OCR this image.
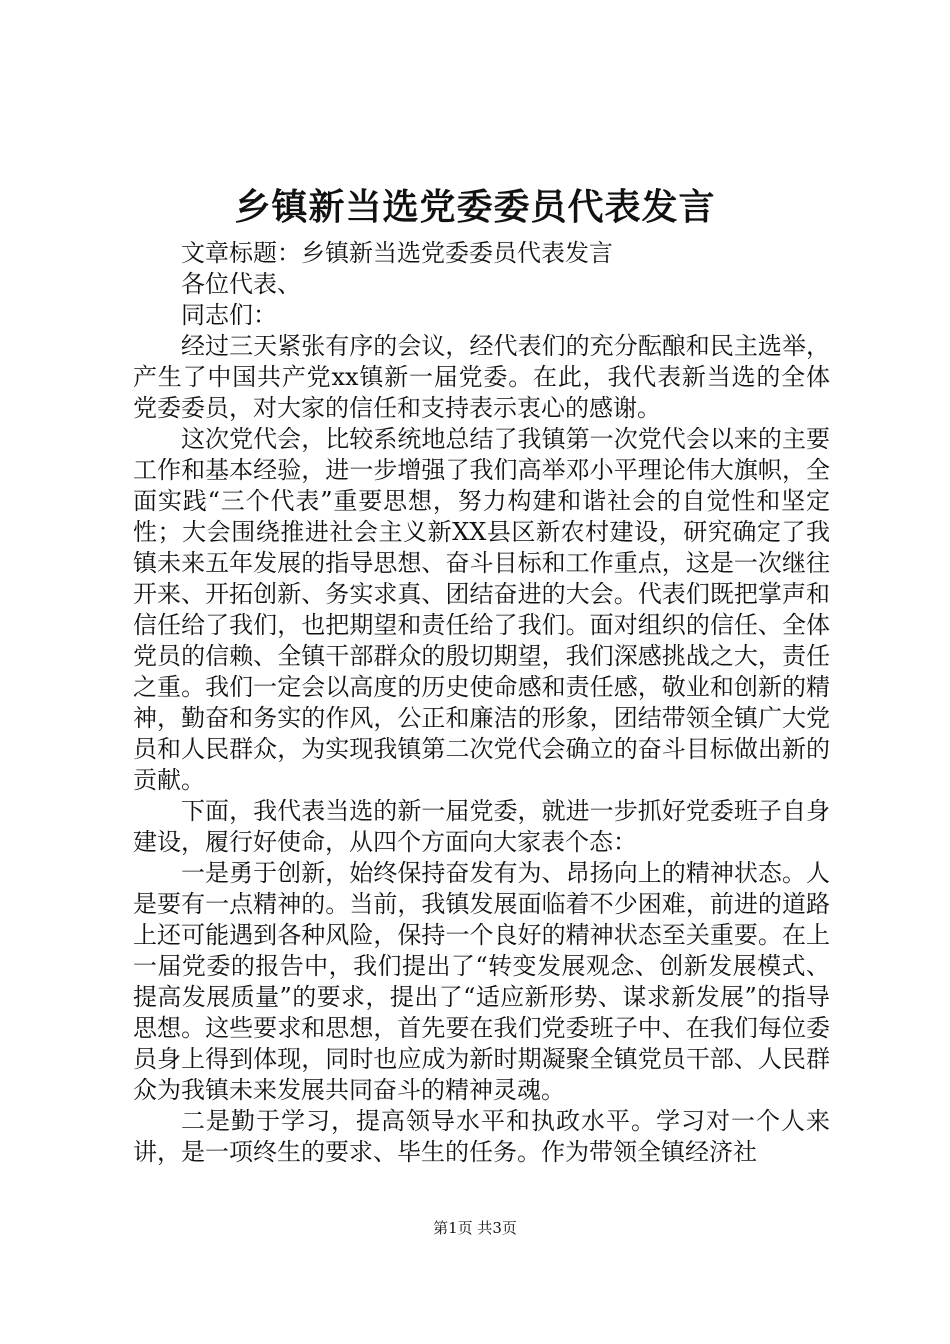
乡镇新当选党委委员代表发言

文章标题：乡镇新当选党委委员代表发言

各位代表、

同志们：

经过三天紧张有序的会议，经代表们的充分酝酿和民主选举，产生了中国共产党xx镇新一届党委。在此，我代表新当选的全体党委委员，对大家的信任和支持表示衷心的感谢。

这次党代会，比较系统地总结了我镇第一次党代会以来的主要工作和基本经验，进一步增强了我们高举邓小平理论伟大旗帜，全面实践“三个代表”重要思想，努力构建和谐社会的自觉性和坚定性；大会围绕推进社会主义新XX县区新农村建设，研究确定了我镇未来五年发展的指导思想、奋斗目标和工作重点，这是一次继往开来、开拓创新、务实求真、团结奋进的大会。代表们既把掌声和信任给了我们，也把期望和责任给了我们。面对组织的信任、全体党员的信赖、全镇干部群众的殷切期望，我们深感挑战之大，责任之重。我们一定会以高度的历史使命感和责任感，敬业和创新的精神，勤奋和务实的作风，公正和廉洁的形象，团结带领全镇广大党员和人民群众，为实现我镇第二次党代会确立的奋斗目标做出新的贡献。

下面，我代表当选的新一届党委，就进一步抓好党委班子自身建设，履行好使命，从四个方面向大家表个态：

一是勇于创新，始终保持奋发有为、昂扬向上的精神状态。人是要有一点精神的。当前，我镇发展面临着不少困难，前进的道路上还可能遇到各种风险，保持一个良好的精神状态至关重要。在上一届党委的报告中，我们提出了“转变发展观念、创新发展模式、提高发展质量”的要求，提出了“适应新形势、谋求新发展”的指导思想。这些要求和思想，首先要在我们党委班子中、在我们每位委员身上得到体现，同时也应成为新时期凝聚全镇党员干部、人民群众为我镇未来发展共同奋斗的精神灵魂。

二是勤于学习，提高领导水平和执政水平。学习对一个人来讲，是一项终生的要求、毕生的任务。作为带领全镇经济社

第1页 共3页
